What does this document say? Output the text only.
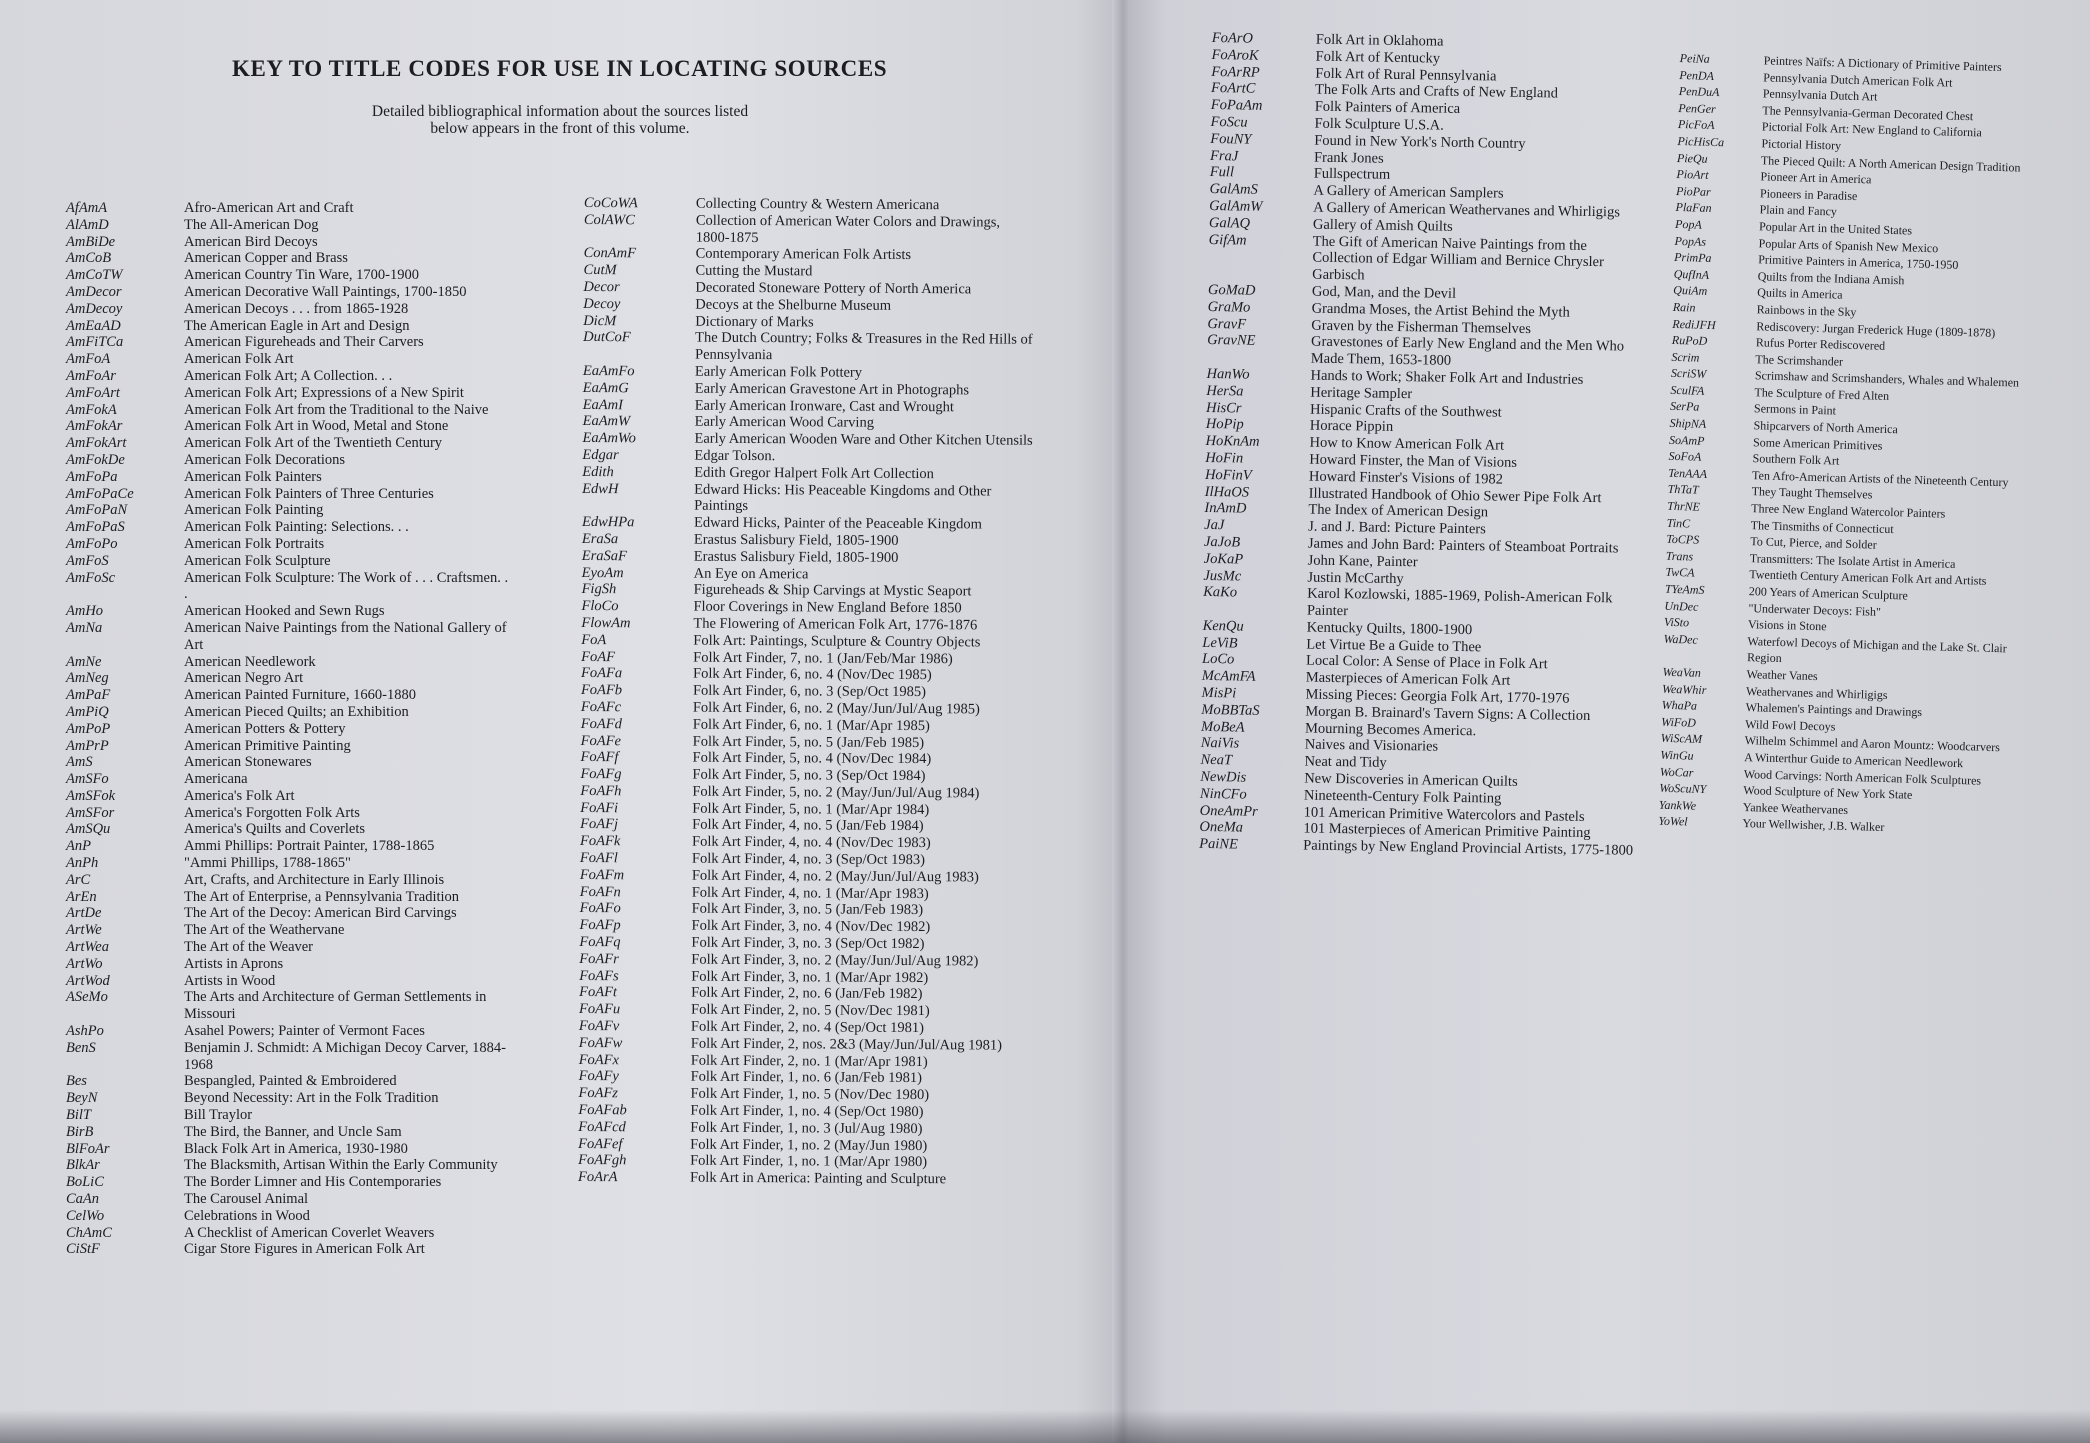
KEY TO TITLE CODES FOR USE IN LOCATING SOURCES
Detailed bibliographical information about the sources listed
below appears in the front of this volume.
AfAmA	Afro-American Art and Craft
AlAmD	The All-American Dog
AmBiDe	American Bird Decoys
AmCoB	American Copper and Brass
AmCoTW	American Country Tin Ware, 1700-1900
AmDecor	American Decorative Wall Paintings, 1700-1850
AmDecoy	American Decoys . . . from 1865-1928
AmEaAD	The American Eagle in Art and Design
AmFiTCa	American Figureheads and Their Carvers
AmFoA	American Folk Art
AmFoAr	American Folk Art; A Collection. . .
AmFoArt	American Folk Art; Expressions of a New Spirit
AmFokA	American Folk Art from the Traditional to the Naive
AmFokAr	American Folk Art in Wood, Metal and Stone
AmFokArt	American Folk Art of the Twentieth Century
AmFokDe	American Folk Decorations
AmFoPa	American Folk Painters
AmFoPaCe	American Folk Painters of Three Centuries
AmFoPaN	American Folk Painting
AmFoPaS	American Folk Painting: Selections. . .
AmFoPo	American Folk Portraits
AmFoS	American Folk Sculpture
AmFoSc	American Folk Sculpture: The Work of . . . Craftsmen. . .
AmHo	American Hooked and Sewn Rugs
AmNa	American Naive Paintings from the National Gallery of Art
AmNe	American Needlework
AmNeg	American Negro Art
AmPaF	American Painted Furniture, 1660-1880
AmPiQ	American Pieced Quilts; an Exhibition
AmPoP	American Potters & Pottery
AmPrP	American Primitive Painting
AmS	American Stonewares
AmSFo	Americana
AmSFok	America's Folk Art
AmSFor	America's Forgotten Folk Arts
AmSQu	America's Quilts and Coverlets
AnP	Ammi Phillips: Portrait Painter, 1788-1865
AnPh	"Ammi Phillips, 1788-1865"
ArC	Art, Crafts, and Architecture in Early Illinois
ArEn	The Art of Enterprise, a Pennsylvania Tradition
ArtDe	The Art of the Decoy: American Bird Carvings
ArtWe	The Art of the Weathervane
ArtWea	The Art of the Weaver
ArtWo	Artists in Aprons
ArtWod	Artists in Wood
ASeMo	The Arts and Architecture of German Settlements in Missouri
AshPo	Asahel Powers; Painter of Vermont Faces
BenS	Benjamin J. Schmidt: A Michigan Decoy Carver, 1884-1968
Bes	Bespangled, Painted & Embroidered
BeyN	Beyond Necessity: Art in the Folk Tradition
BilT	Bill Traylor
BirB	The Bird, the Banner, and Uncle Sam
BlFoAr	Black Folk Art in America, 1930-1980
BlkAr	The Blacksmith, Artisan Within the Early Community
BoLiC	The Border Limner and His Contemporaries
CaAn	The Carousel Animal
CelWo	Celebrations in Wood
ChAmC	A Checklist of American Coverlet Weavers
CiStF	Cigar Store Figures in American Folk Art
CoCoWA	Collecting Country & Western Americana
ColAWC	Collection of American Water Colors and Drawings, 1800-1875
ConAmF	Contemporary American Folk Artists
CutM	Cutting the Mustard
Decor	Decorated Stoneware Pottery of North America
Decoy	Decoys at the Shelburne Museum
DicM	Dictionary of Marks
DutCoF	The Dutch Country; Folks & Treasures in the Red Hills of Pennsylvania
EaAmFo	Early American Folk Pottery
EaAmG	Early American Gravestone Art in Photographs
EaAmI	Early American Ironware, Cast and Wrought
EaAmW	Early American Wood Carving
EaAmWo	Early American Wooden Ware and Other Kitchen Utensils
Edgar	Edgar Tolson.
Edith	Edith Gregor Halpert Folk Art Collection
EdwH	Edward Hicks: His Peaceable Kingdoms and Other Paintings
EdwHPa	Edward Hicks, Painter of the Peaceable Kingdom
EraSa	Erastus Salisbury Field, 1805-1900
EraSaF	Erastus Salisbury Field, 1805-1900
EyoAm	An Eye on America
FigSh	Figureheads & Ship Carvings at Mystic Seaport
FloCo	Floor Coverings in New England Before 1850
FlowAm	The Flowering of American Folk Art, 1776-1876
FoA	Folk Art: Paintings, Sculpture & Country Objects
FoAF	Folk Art Finder, 7, no. 1 (Jan/Feb/Mar 1986)
FoAFa	Folk Art Finder, 6, no. 4 (Nov/Dec 1985)
FoAFb	Folk Art Finder, 6, no. 3 (Sep/Oct 1985)
FoAFc	Folk Art Finder, 6, no. 2 (May/Jun/Jul/Aug 1985)
FoAFd	Folk Art Finder, 6, no. 1 (Mar/Apr 1985)
FoAFe	Folk Art Finder, 5, no. 5 (Jan/Feb 1985)
FoAFf	Folk Art Finder, 5, no. 4 (Nov/Dec 1984)
FoAFg	Folk Art Finder, 5, no. 3 (Sep/Oct 1984)
FoAFh	Folk Art Finder, 5, no. 2 (May/Jun/Jul/Aug 1984)
FoAFi	Folk Art Finder, 5, no. 1 (Mar/Apr 1984)
FoAFj	Folk Art Finder, 4, no. 5 (Jan/Feb 1984)
FoAFk	Folk Art Finder, 4, no. 4 (Nov/Dec 1983)
FoAFl	Folk Art Finder, 4, no. 3 (Sep/Oct 1983)
FoAFm	Folk Art Finder, 4, no. 2 (May/Jun/Jul/Aug 1983)
FoAFn	Folk Art Finder, 4, no. 1 (Mar/Apr 1983)
FoAFo	Folk Art Finder, 3, no. 5 (Jan/Feb 1983)
FoAFp	Folk Art Finder, 3, no. 4 (Nov/Dec 1982)
FoAFq	Folk Art Finder, 3, no. 3 (Sep/Oct 1982)
FoAFr	Folk Art Finder, 3, no. 2 (May/Jun/Jul/Aug 1982)
FoAFs	Folk Art Finder, 3, no. 1 (Mar/Apr 1982)
FoAFt	Folk Art Finder, 2, no. 6 (Jan/Feb 1982)
FoAFu	Folk Art Finder, 2, no. 5 (Nov/Dec 1981)
FoAFv	Folk Art Finder, 2, no. 4 (Sep/Oct 1981)
FoAFw	Folk Art Finder, 2, nos. 2&3 (May/Jun/Jul/Aug 1981)
FoAFx	Folk Art Finder, 2, no. 1 (Mar/Apr 1981)
FoAFy	Folk Art Finder, 1, no. 6 (Jan/Feb 1981)
FoAFz	Folk Art Finder, 1, no. 5 (Nov/Dec 1980)
FoAFab	Folk Art Finder, 1, no. 4 (Sep/Oct 1980)
FoAFcd	Folk Art Finder, 1, no. 3 (Jul/Aug 1980)
FoAFef	Folk Art Finder, 1, no. 2 (May/Jun 1980)
FoAFgh	Folk Art Finder, 1, no. 1 (Mar/Apr 1980)
FoArA	Folk Art in America: Painting and Sculpture
FoArO	Folk Art in Oklahoma
FoAroK	Folk Art of Kentucky
FoArRP	Folk Art of Rural Pennsylvania
FoArtC	The Folk Arts and Crafts of New England
FoPaAm	Folk Painters of America
FoScu	Folk Sculpture U.S.A.
FouNY	Found in New York's North Country
FraJ	Frank Jones
Full	Fullspectrum
GalAmS	A Gallery of American Samplers
GalAmW	A Gallery of American Weathervanes and Whirligigs
GalAQ	Gallery of Amish Quilts
GifAm	The Gift of American Naive Paintings from the Collection of Edgar William and Bernice Chrysler Garbisch
GoMaD	God, Man, and the Devil
GraMo	Grandma Moses, the Artist Behind the Myth
GravF	Graven by the Fisherman Themselves
GravNE	Gravestones of Early New England and the Men Who Made Them, 1653-1800
HanWo	Hands to Work; Shaker Folk Art and Industries
HerSa	Heritage Sampler
HisCr	Hispanic Crafts of the Southwest
HoPip	Horace Pippin
HoKnAm	How to Know American Folk Art
HoFin	Howard Finster, the Man of Visions
HoFinV	Howard Finster's Visions of 1982
IlHaOS	Illustrated Handbook of Ohio Sewer Pipe Folk Art
InAmD	The Index of American Design
JaJ	J. and J. Bard: Picture Painters
JaJoB	James and John Bard: Painters of Steamboat Portraits
JoKaP	John Kane, Painter
JusMc	Justin McCarthy
KaKo	Karol Kozlowski, 1885-1969, Polish-American Folk Painter
KenQu	Kentucky Quilts, 1800-1900
LeViB	Let Virtue Be a Guide to Thee
LoCo	Local Color: A Sense of Place in Folk Art
McAmFA	Masterpieces of American Folk Art
MisPi	Missing Pieces: Georgia Folk Art, 1770-1976
MoBBTaS	Morgan B. Brainard's Tavern Signs: A Collection
MoBeA	Mourning Becomes America.
NaiVis	Naives and Visionaries
NeaT	Neat and Tidy
NewDis	New Discoveries in American Quilts
NinCFo	Nineteenth-Century Folk Painting
OneAmPr	101 American Primitive Watercolors and Pastels
OneMa	101 Masterpieces of American Primitive Painting
PaiNE	Paintings by New England Provincial Artists, 1775-1800
PeiNa	Peintres Naïfs: A Dictionary of Primitive Painters
PenDA	Pennsylvania Dutch American Folk Art
PenDuA	Pennsylvania Dutch Art
PenGer	The Pennsylvania-German Decorated Chest
PicFoA	Pictorial Folk Art: New England to California
PicHisCa	Pictorial History
PieQu	The Pieced Quilt: A North American Design Tradition
PioArt	Pioneer Art in America
PioPar	Pioneers in Paradise
PlaFan	Plain and Fancy
PopA	Popular Art in the United States
PopAs	Popular Arts of Spanish New Mexico
PrimPa	Primitive Painters in America, 1750-1950
QufInA	Quilts from the Indiana Amish
QuiAm	Quilts in America
Rain	Rainbows in the Sky
RediJFH	Rediscovery: Jurgan Frederick Huge (1809-1878)
RuPoD	Rufus Porter Rediscovered
Scrim	The Scrimshander
ScriSW	Scrimshaw and Scrimshanders, Whales and Whalemen
SculFA	The Sculpture of Fred Alten
SerPa	Sermons in Paint
ShipNA	Shipcarvers of North America
SoAmP	Some American Primitives
SoFoA	Southern Folk Art
TenAAA	Ten Afro-American Artists of the Nineteenth Century
ThTaT	They Taught Themselves
ThrNE	Three New England Watercolor Painters
TinC	The Tinsmiths of Connecticut
ToCPS	To Cut, Pierce, and Solder
Trans	Transmitters: The Isolate Artist in America
TwCA	Twentieth Century American Folk Art and Artists
TYeAmS	200 Years of American Sculpture
UnDec	"Underwater Decoys: Fish"
ViSto	Visions in Stone
WaDec	Waterfowl Decoys of Michigan and the Lake St. Clair Region
WeaVan	Weather Vanes
WeaWhir	Weathervanes and Whirligigs
WhaPa	Whalemen's Paintings and Drawings
WiFoD	Wild Fowl Decoys
WiScAM	Wilhelm Schimmel and Aaron Mountz: Woodcarvers
WinGu	A Winterthur Guide to American Needlework
WoCar	Wood Carvings: North American Folk Sculptures
WoScuNY	Wood Sculpture of New York State
YankWe	Yankee Weathervanes
YoWel	Your Wellwisher, J.B. Walker
